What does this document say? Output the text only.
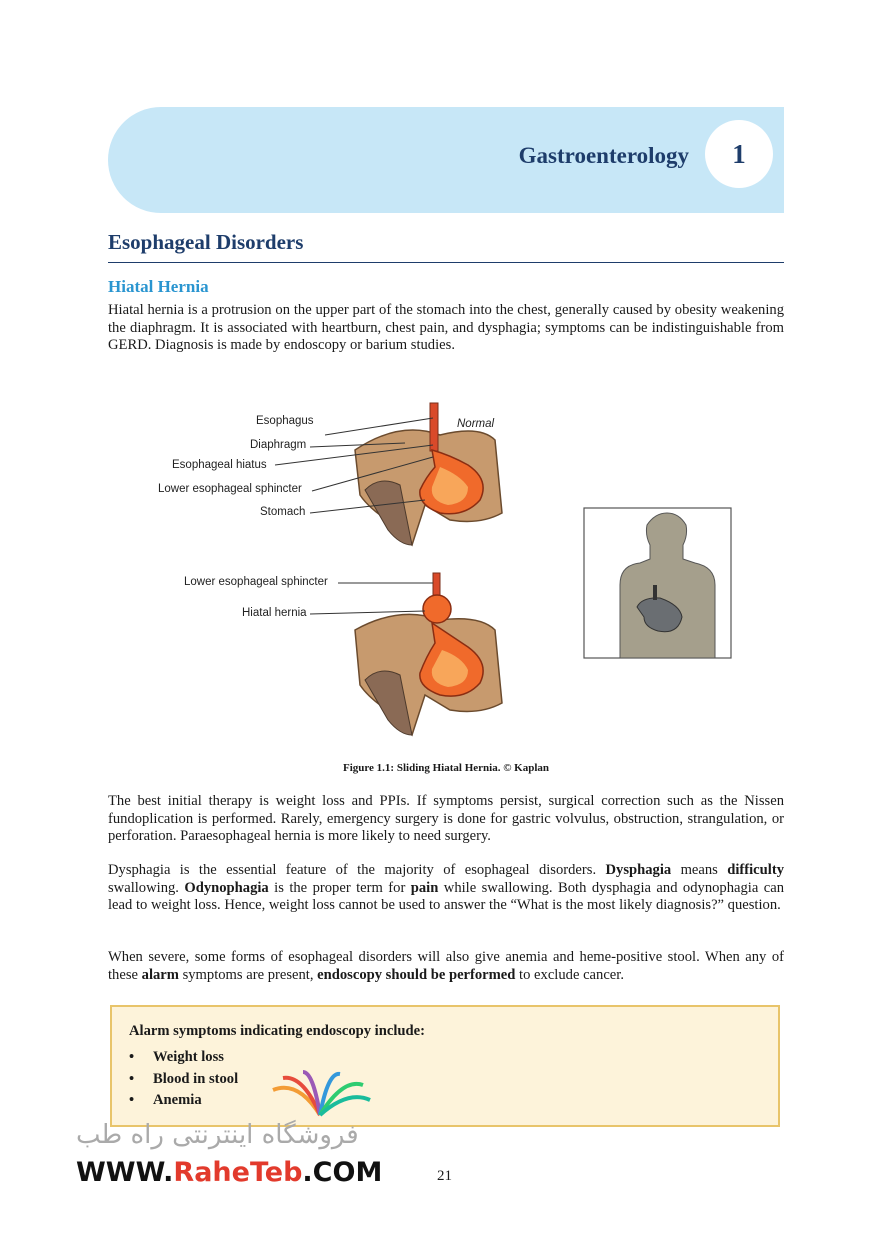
Gastroenterology 1
Esophageal Disorders
Hiatal Hernia

Hiatal hernia is a protrusion on the upper part of the stomach into the chest, generally caused by obesity weakening the diaphragm. It is associated with heartburn, chest pain, and dysphagia; symptoms can be indistinguishable from GERD. Diagnosis is made by endoscopy or barium studies.

Normal
Esophagus
Diaphragm
Esophageal hiatus
Lower esophageal sphincter
Stomach
Lower esophageal sphincter
Hiatal hernia

Figure 1.1: Sliding Hiatal Hernia. © Kaplan

The best initial therapy is weight loss and PPIs. If symptoms persist, surgical correction such as the Nissen fundoplication is performed. Rarely, emergency surgery is done for gastric volvulus, obstruction, strangulation, or perforation. Paraesophageal hernia is more likely to need surgery.

Dysphagia is the essential feature of the majority of esophageal disorders. Dysphagia means difficulty swallowing. Odynophagia is the proper term for pain while swallowing. Both dysphagia and odynophagia can lead to weight loss. Hence, weight loss cannot be used to answer the “What is the most likely diagnosis?” question.

When severe, some forms of esophageal disorders will also give anemia and heme-positive stool. When any of these alarm symptoms are present, endoscopy should be performed to exclude cancer.

Alarm symptoms indicating endoscopy include:

• Weight loss
• Blood in stool
• Anemia
فروشگاه اینترنتی راه طب
WWW.RaheTeb.COM	21
